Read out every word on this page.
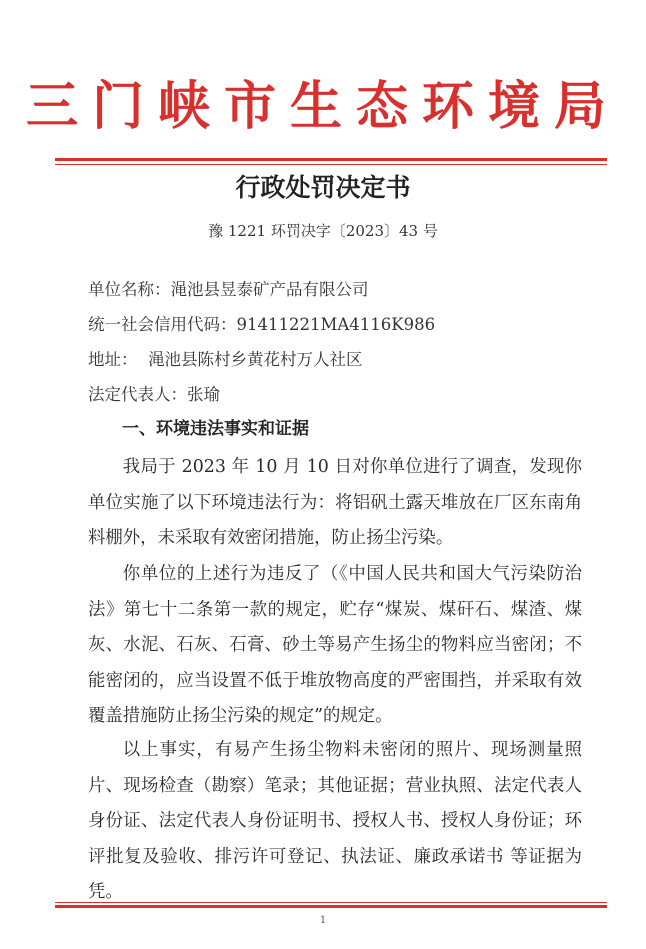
三门峡市生态环境局
行政处罚决定书
豫 1221 环罚决字〔2023〕43 号
单位名称：渑池县昱泰矿产品有限公司
统一社会信用代码：91411221MA4116K986
地址： 渑池县陈村乡黄花村万人社区
法定代表人：张瑜
一、环境违法事实和证据

我局于 2023 年 10 月 10 日对你单位进行了调查，发现你单位实施了以下环境违法行为：将铝矾土露天堆放在厂区东南角料棚外，未采取有效密闭措施，防止扬尘污染。

你单位的上述行为违反了（《中国人民共和国大气污染防治法》第七十二条第一款的规定，贮存“煤炭、煤矸石、煤渣、煤灰、水泥、石灰、石膏、砂土等易产生扬尘的物料应当密闭；不能密闭的，应当设置不低于堆放物高度的严密围挡，并采取有效覆盖措施防止扬尘污染的规定”的规定。

以上事实，有易产生扬尘物料未密闭的照片、现场测量照片、现场检查（勘察）笔录；其他证据；营业执照、法定代表人身份证、法定代表人身份证明书、授权人书、授权人身份证；环评批复及验收、排污许可登记、执法证、廉政承诺书 等证据为凭。

1
